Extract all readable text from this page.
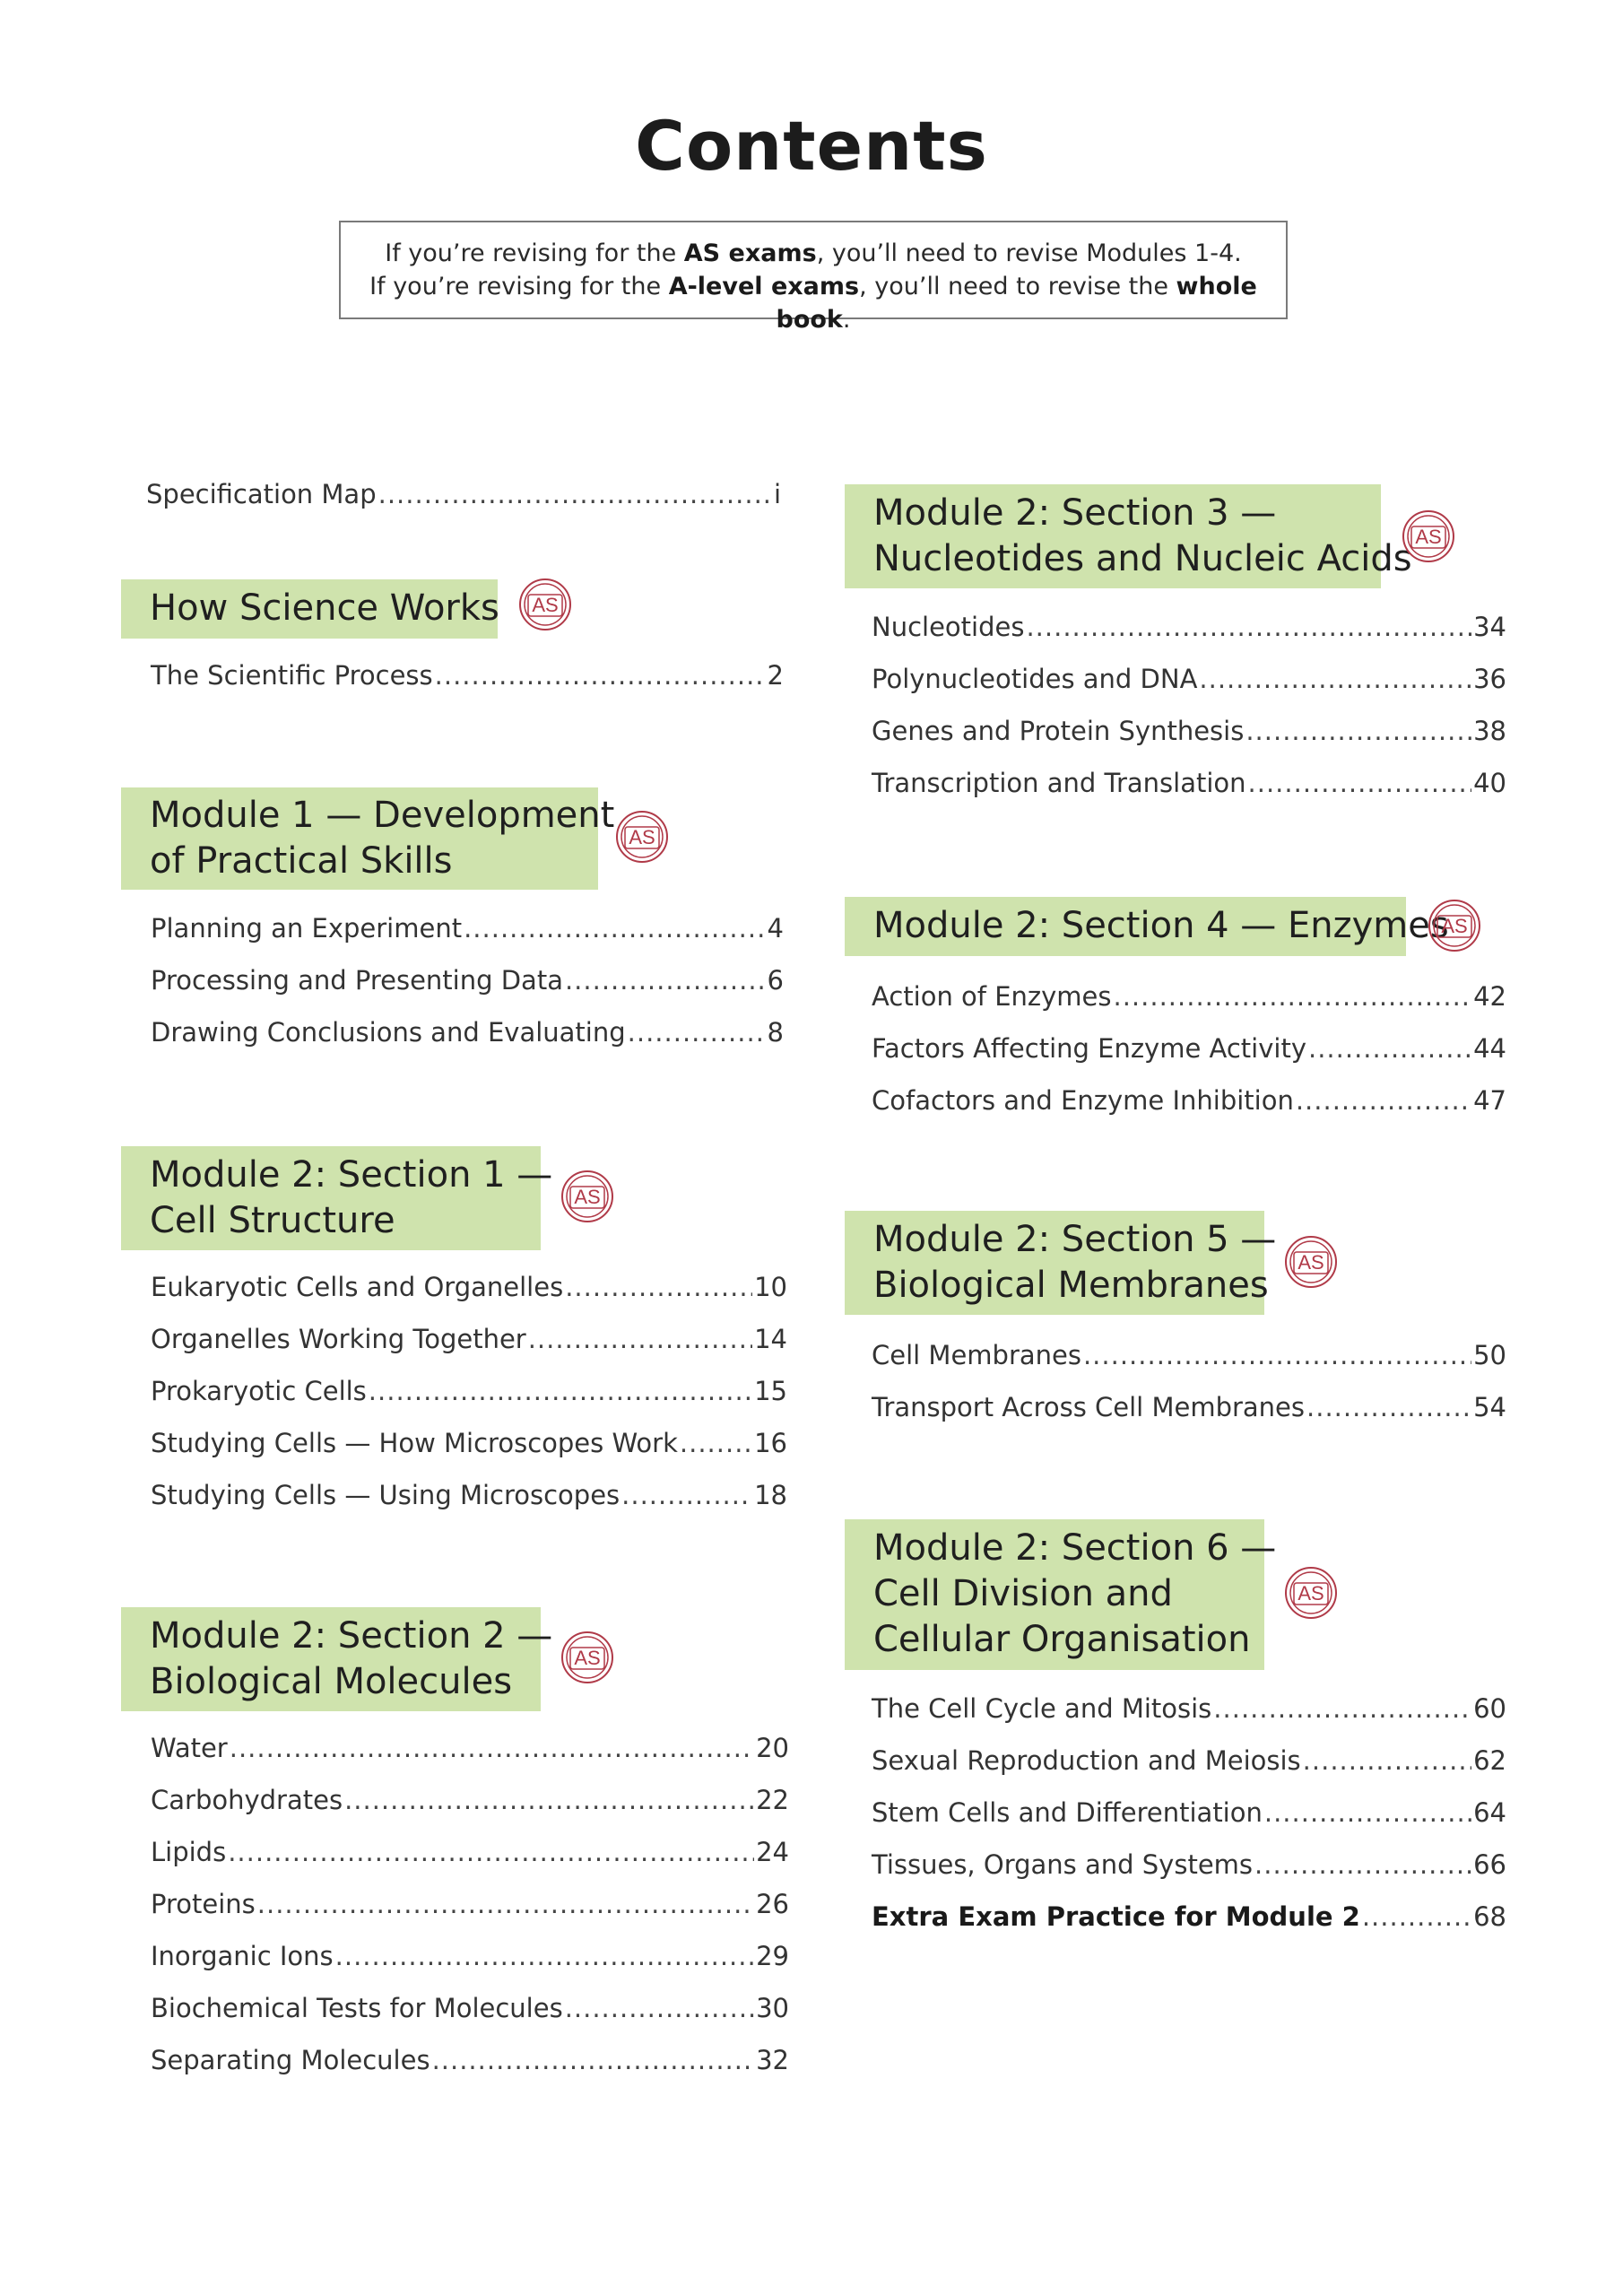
Contents
If you’re revising for the AS exams, you’ll need to revise Modules 1-4.
If you’re revising for the A-level exams, you’ll need to revise the whole book.
Specification Map .....	i
How Science Works AS
The Scientific Process .....	2
Module 1 — Development
of Practical Skills
AS
Planning an Experiment .....	4
Processing and Presenting Data .....	6
Drawing Conclusions and Evaluating .....	8
Module 2: Section 1 —
Cell Structure
AS
Eukaryotic Cells and Organelles .....	10
Organelles Working Together .....	14
Prokaryotic Cells .....	15
Studying Cells — How Microscopes Work .....	16
Studying Cells — Using Microscopes .....	18
Module 2: Section 2 —
Biological Molecules
AS
Water .....	20
Carbohydrates .....	22
Lipids .....	24
Proteins .....	26
Inorganic Ions .....	29
Biochemical Tests for Molecules .....	30
Separating Molecules .....	32
Module 2: Section 3 —
Nucleotides and Nucleic Acids
AS
Nucleotides .....	34
Polynucleotides and DNA .....	36
Genes and Protein Synthesis .....	38
Transcription and Translation .....	40
Module 2: Section 4 — Enzymes
AS
Action of Enzymes .....	42
Factors Affecting Enzyme Activity .....	44
Cofactors and Enzyme Inhibition .....	47
Module 2: Section 5 —
Biological Membranes
AS
Cell Membranes .....	50
Transport Across Cell Membranes .....	54
Module 2: Section 6 —
Cell Division and
Cellular Organisation
AS
The Cell Cycle and Mitosis .....	60
Sexual Reproduction and Meiosis .....	62
Stem Cells and Differentiation .....	64
Tissues, Organs and Systems .....	66
Extra Exam Practice for Module 2 .....	68
